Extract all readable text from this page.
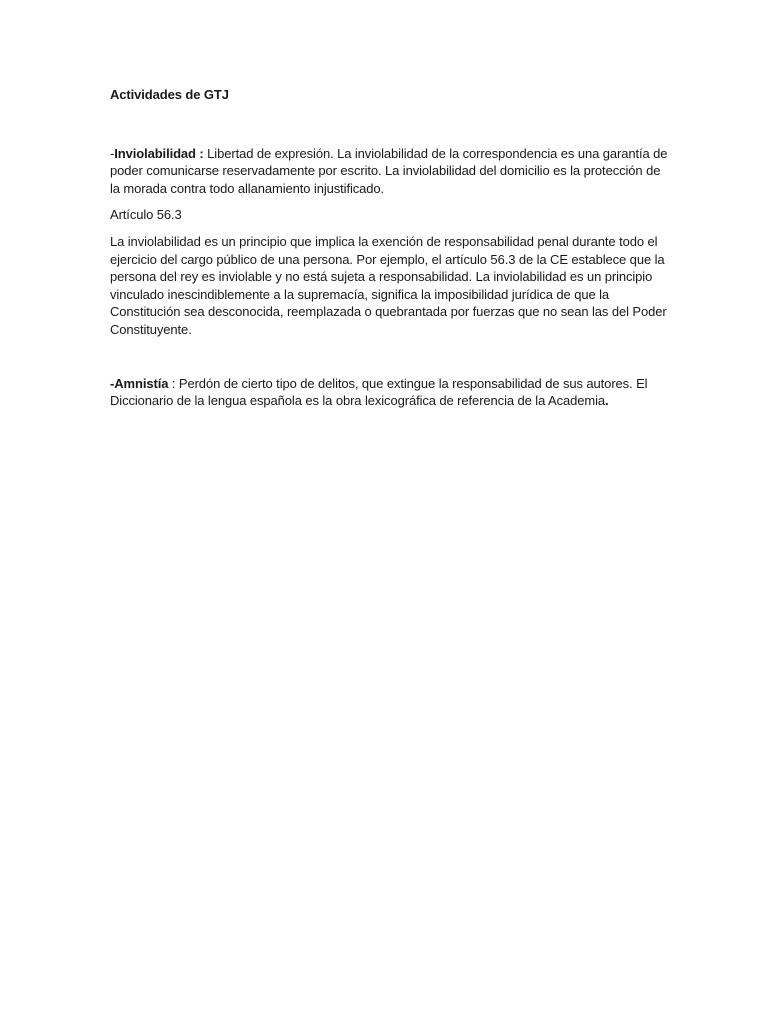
Actividades de GTJ

-Inviolabilidad : Libertad de expresión. La inviolabilidad de la correspondencia es una garantía de poder comunicarse reservadamente por escrito. La inviolabilidad del domicilio es la protección de la morada contra todo allanamiento injustificado.

Artículo 56.3

La inviolabilidad es un principio que implica la exención de responsabilidad penal durante todo el ejercicio del cargo público de una persona. Por ejemplo, el artículo 56.3 de la CE establece que la persona del rey es inviolable y no está sujeta a responsabilidad. La inviolabilidad es un principio vinculado inescindiblemente a la supremacía, significa la imposibilidad jurídica de que la Constitución sea desconocida, reemplazada o quebrantada por fuerzas que no sean las del Poder Constituyente.

-Amnistía : Perdón de cierto tipo de delitos, que extingue la responsabilidad de sus autores. El Diccionario de la lengua española es la obra lexicográfica de referencia de la Academia.
